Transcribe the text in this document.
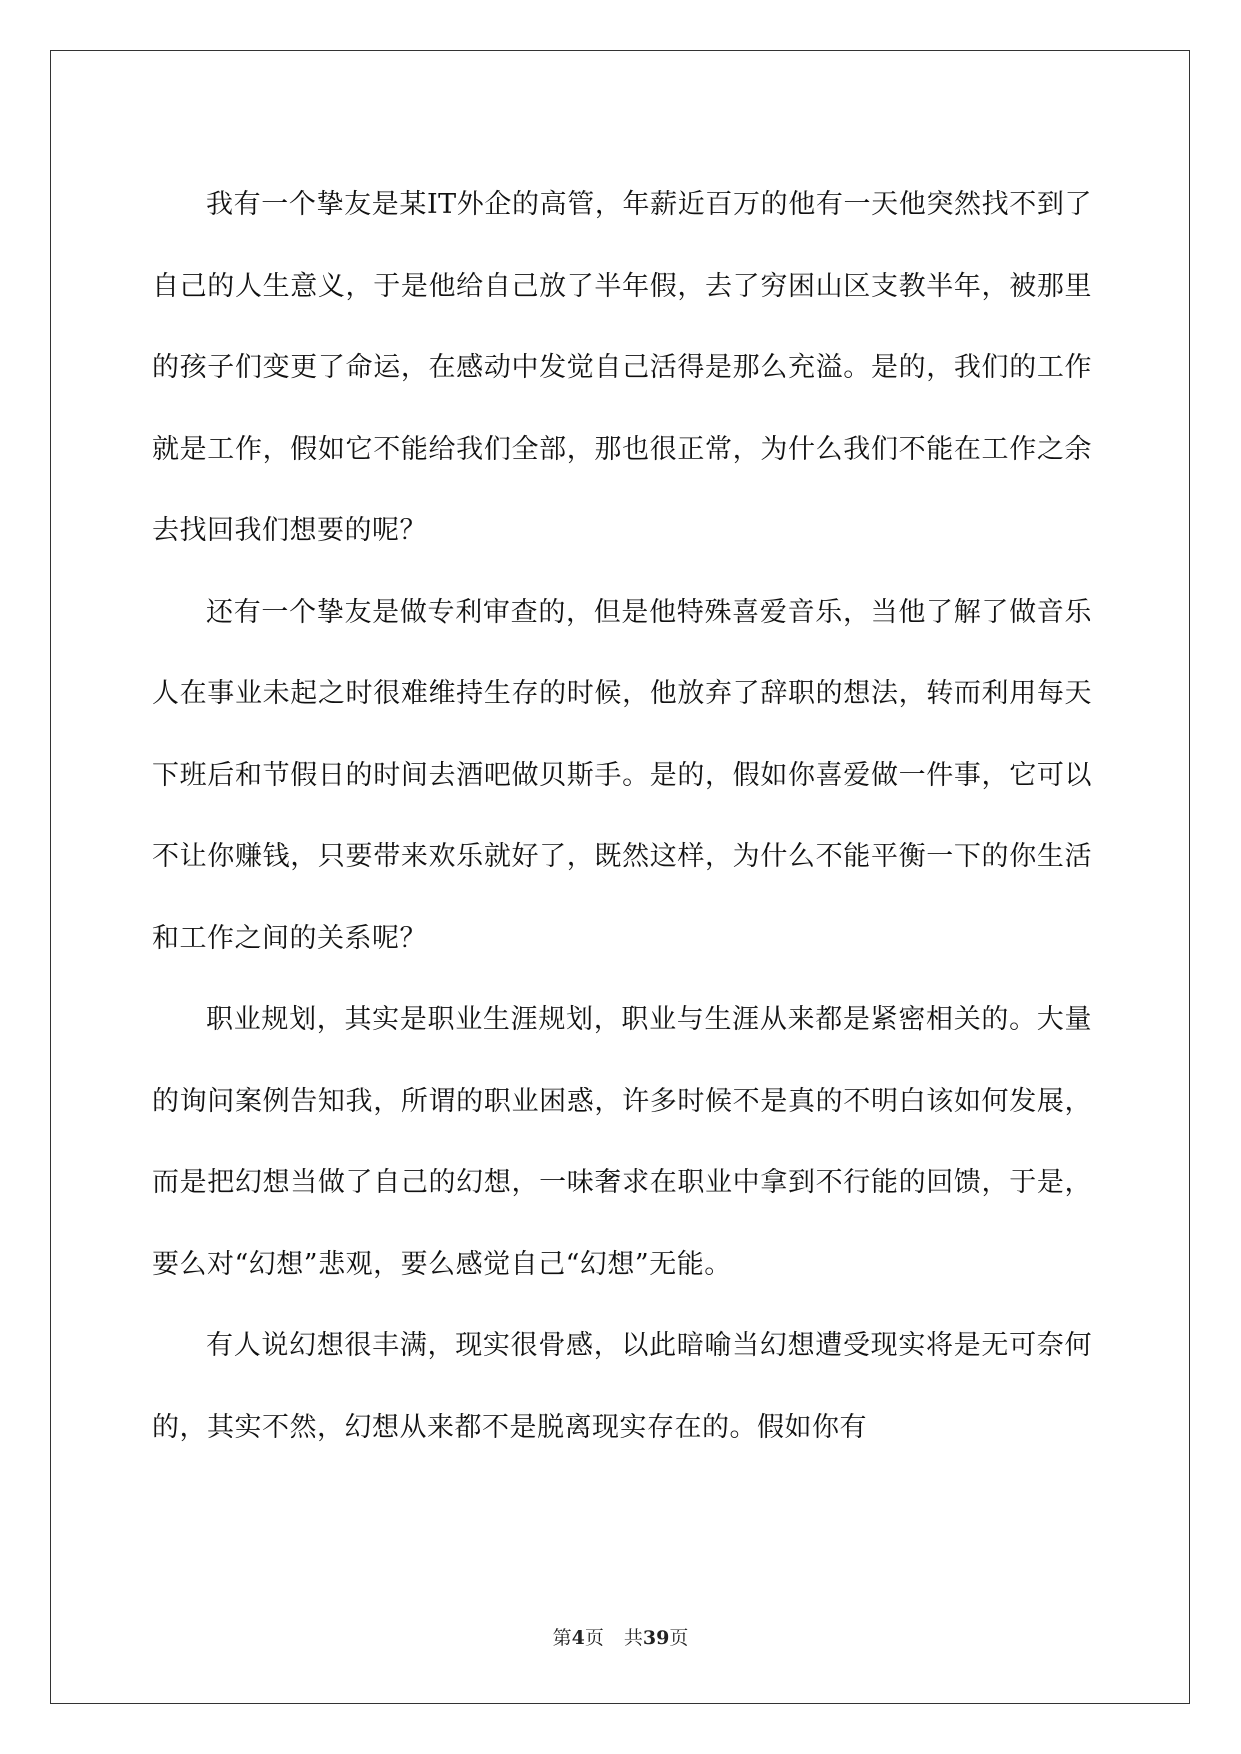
我有一个挚友是某IT外企的高管，年薪近百万的他有一天他突然找不到了自己的人生意义，于是他给自己放了半年假，去了穷困山区支教半年，被那里的孩子们变更了命运，在感动中发觉自己活得是那么充溢。是的，我们的工作就是工作，假如它不能给我们全部，那也很正常，为什么我们不能在工作之余去找回我们想要的呢？

还有一个挚友是做专利审查的，但是他特殊喜爱音乐，当他了解了做音乐人在事业未起之时很难维持生存的时候，他放弃了辞职的想法，转而利用每天下班后和节假日的时间去酒吧做贝斯手。是的，假如你喜爱做一件事，它可以不让你赚钱，只要带来欢乐就好了，既然这样，为什么不能平衡一下的你生活和工作之间的关系呢？

职业规划，其实是职业生涯规划，职业与生涯从来都是紧密相关的。大量的询问案例告知我，所谓的职业困惑，许多时候不是真的不明白该如何发展，而是把幻想当做了自己的幻想，一味奢求在职业中拿到不行能的回馈，于是，要么对“幻想”悲观，要么感觉自己“幻想”无能。

有人说幻想很丰满，现实很骨感，以此暗喻当幻想遭受现实将是无可奈何的，其实不然，幻想从来都不是脱离现实存在的。假如你有

第4页 共39页
